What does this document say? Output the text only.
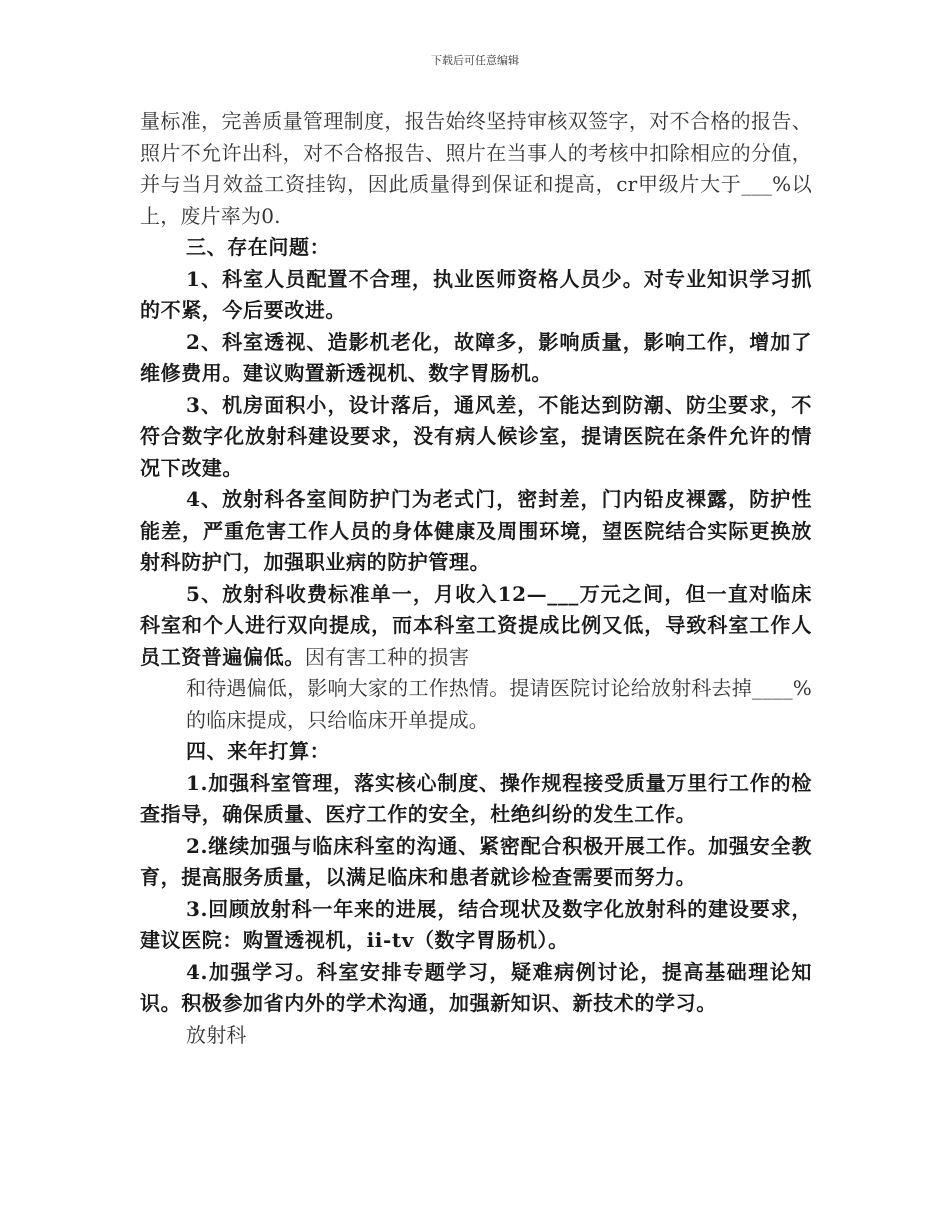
下载后可任意编辑
量标准，完善质量管理制度，报告始终坚持审核双签字，对不合格的报告、照片不允许出科，对不合格报告、照片在当事人的考核中扣除相应的分值，并与当月效益工资挂钩，因此质量得到保证和提高，cr甲级片大于___%以上，废片率为0.
三、存在问题：
1、科室人员配置不合理，执业医师资格人员少。对专业知识学习抓的不紧，今后要改进。
2、科室透视、造影机老化，故障多，影响质量，影响工作，增加了维修费用。建议购置新透视机、数字胃肠机。
3、机房面积小，设计落后，通风差，不能达到防潮、防尘要求，不符合数字化放射科建设要求，没有病人候诊室，提请医院在条件允许的情况下改建。
4、放射科各室间防护门为老式门，密封差，门内铅皮裸露，防护性能差，严重危害工作人员的身体健康及周围环境，望医院结合实际更换放射科防护门，加强职业病的防护管理。
5、放射科收费标准单一，月收入12—___万元之间，但一直对临床科室和个人进行双向提成，而本科室工资提成比例又低，导致科室工作人员工资普遍偏低。因有害工种的损害
和待遇偏低，影响大家的工作热情。提请医院讨论给放射科去掉____%的临床提成，只给临床开单提成。
四、来年打算：
1.加强科室管理，落实核心制度、操作规程接受质量万里行工作的检查指导，确保质量、医疗工作的安全，杜绝纠纷的发生工作。
2.继续加强与临床科室的沟通、紧密配合积极开展工作。加强安全教育，提高服务质量，以满足临床和患者就诊检查需要而努力。
3.回顾放射科一年来的进展，结合现状及数字化放射科的建设要求，建议医院：购置透视机，ii-tv（数字胃肠机）。
4.加强学习。科室安排专题学习，疑难病例讨论，提高基础理论知识。积极参加省内外的学术沟通，加强新知识、新技术的学习。
放射科
